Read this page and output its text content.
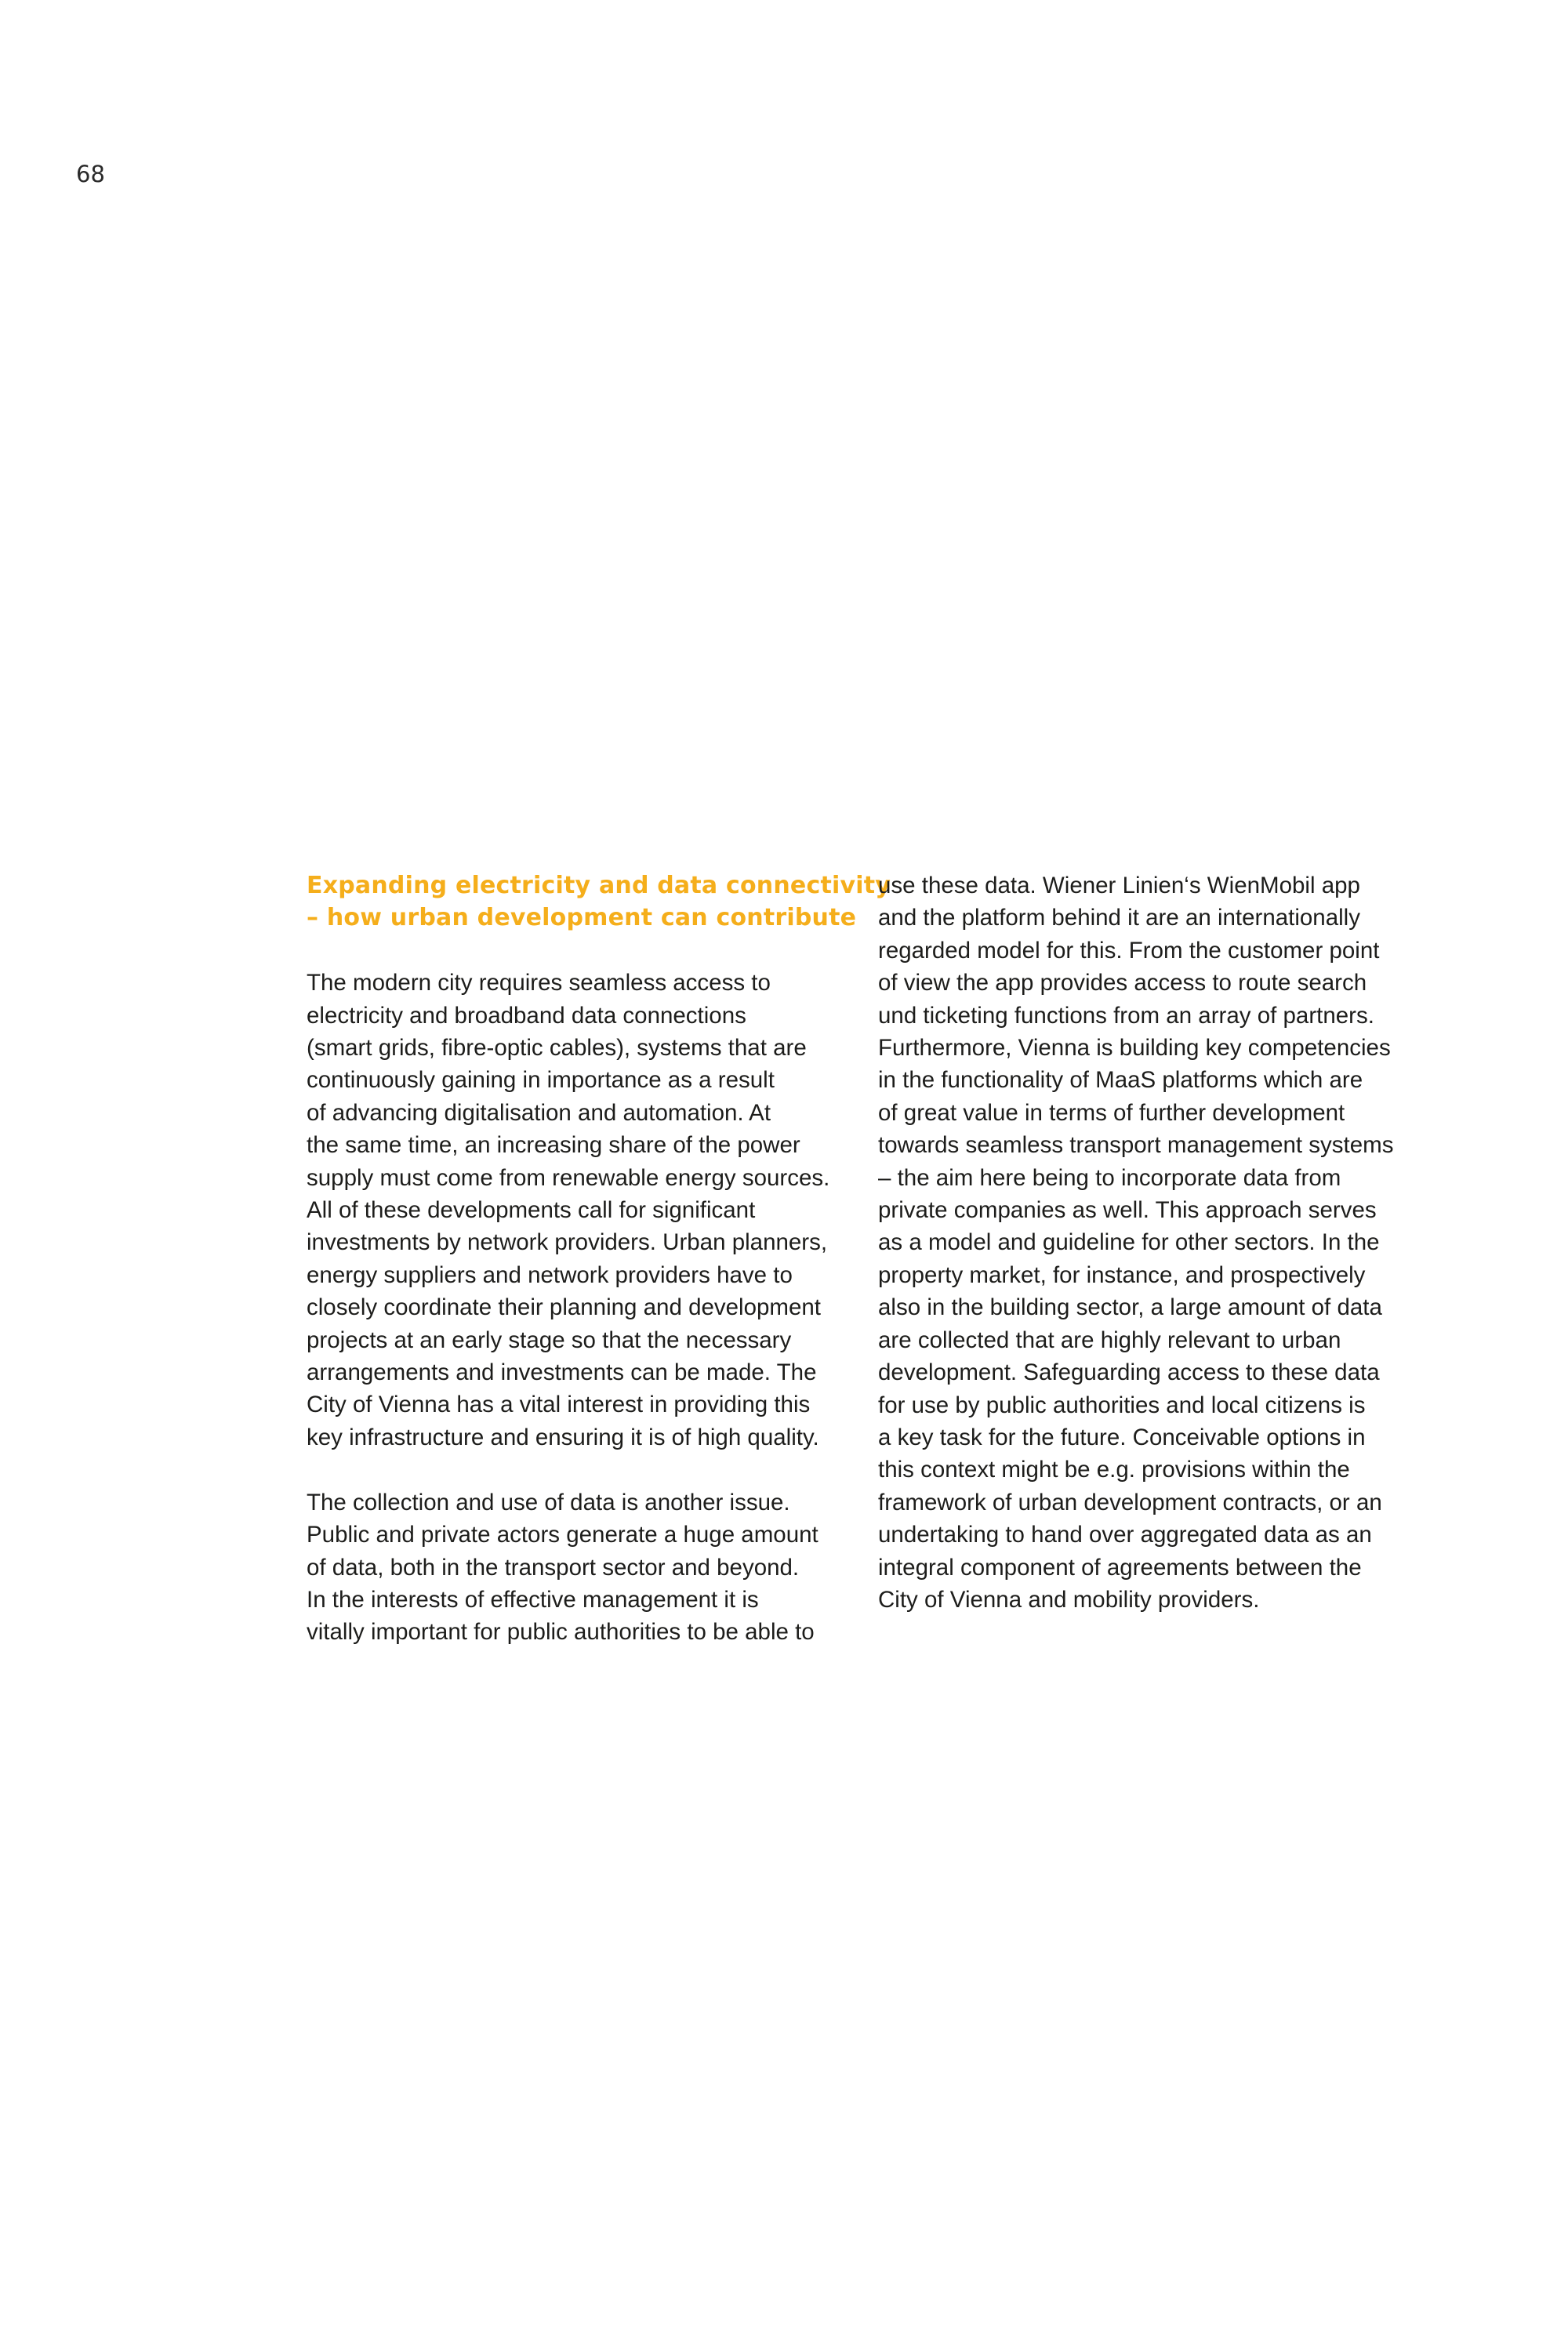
68
Expanding electricity and data connectivity
– how urban development can contribute
The modern city requires seamless access to
electricity and broadband data connections
(smart grids, fibre-optic cables), systems that are
continuously gaining in importance as a result
of advancing digitalisation and automation. At
the same time, an increasing share of the power
supply must come from renewable energy sources.
All of these developments call for significant
investments by network providers. Urban planners,
energy suppliers and network providers have to
closely coordinate their planning and development
projects at an early stage so that the necessary
arrangements and investments can be made. The
City of Vienna has a vital interest in providing this
key infrastructure and ensuring it is of high quality.
The collection and use of data is another issue.
Public and private actors generate a huge amount
of data, both in the transport sector and beyond.
In the interests of effective management it is
vitally important for public authorities to be able to
use these data. Wiener Linien‘s WienMobil app
and the platform behind it are an internationally
regarded model for this. From the customer point
of view the app provides access to route search
und ticketing functions from an array of partners.
Furthermore, Vienna is building key competencies
in the functionality of MaaS platforms which are
of great value in terms of further development
towards seamless transport management systems
– the aim here being to incorporate data from
private companies as well. This approach serves
as a model and guideline for other sectors. In the
property market, for instance, and prospectively
also in the building sector, a large amount of data
are collected that are highly relevant to urban
development. Safeguarding access to these data
for use by public authorities and local citizens is
a key task for the future. Conceivable options in
this context might be e.g. provisions within the
framework of urban development contracts, or an
undertaking to hand over aggregated data as an
integral component of agreements between the
City of Vienna and mobility providers.
